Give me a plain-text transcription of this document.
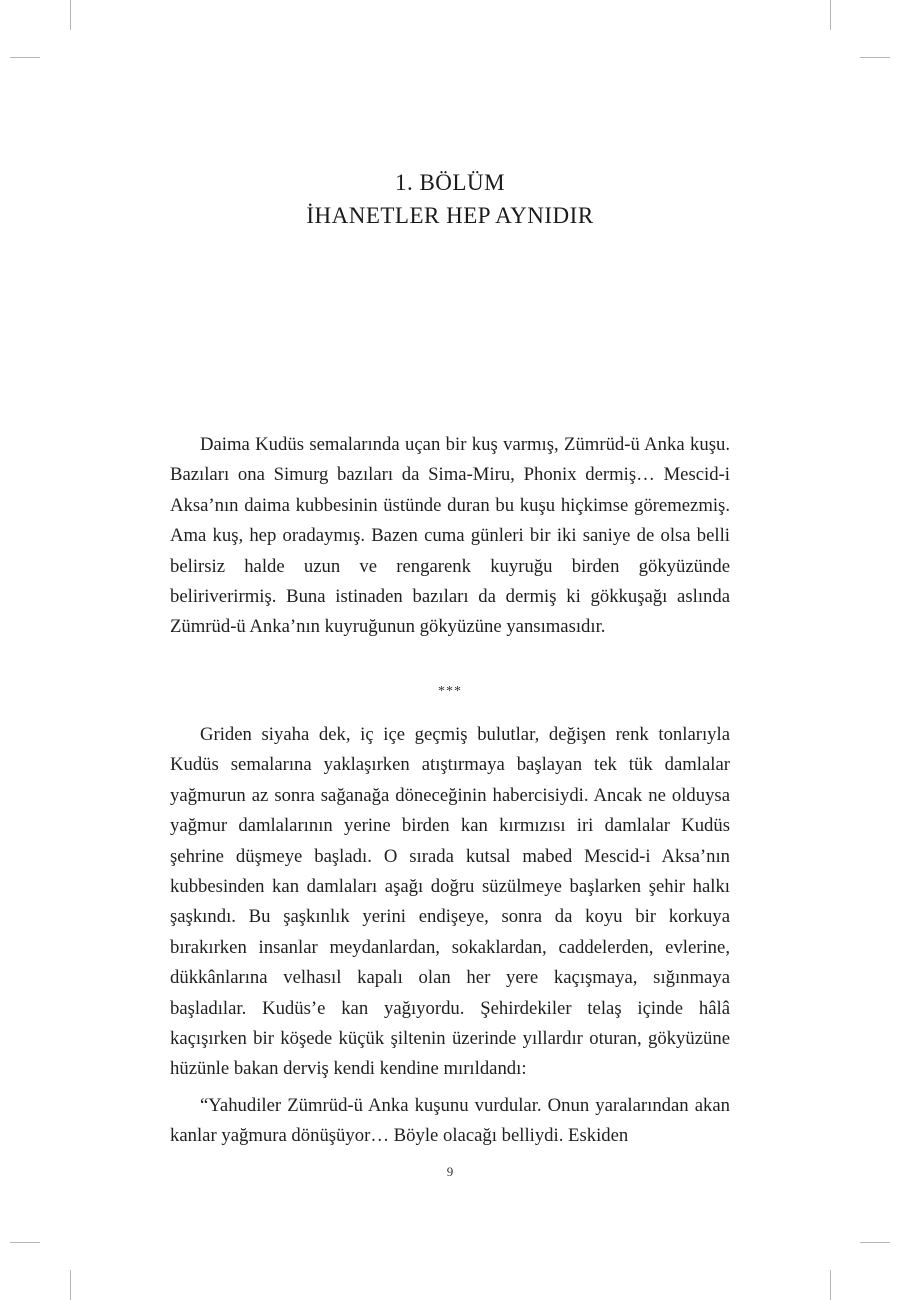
1. BÖLÜM
İHANETLER HEP AYNIDIR

Daima Kudüs semalarında uçan bir kuş varmış, Zümrüd-ü Anka kuşu. Bazıları ona Simurg bazıları da Sima-Miru, Phonix dermiş… Mescid-i Aksa’nın daima kubbesinin üstünde duran bu kuşu hiçkimse göremezmiş. Ama kuş, hep oradaymış. Bazen cuma günleri bir iki saniye de olsa belli belirsiz halde uzun ve rengarenk kuyruğu birden gökyüzünde beliriverirmiş. Buna istinaden bazıları da dermiş ki gökkuşağı aslında Zümrüd-ü Anka’nın kuyruğunun gökyüzüne yansımasıdır.

***

Griden siyaha dek, iç içe geçmiş bulutlar, değişen renk tonlarıyla Kudüs semalarına yaklaşırken atıştırmaya başlayan tek tük damlalar yağmurun az sonra sağanağa döneceğinin habercisiydi. Ancak ne olduysa yağmur damlalarının yerine birden kan kırmızısı iri damlalar Kudüs şehrine düşmeye başladı. O sırada kutsal mabed Mescid-i Aksa’nın kubbesinden kan damlaları aşağı doğru süzülmeye başlarken şehir halkı şaşkındı. Bu şaşkınlık yerini endişeye, sonra da koyu bir korkuya bırakırken insanlar meydanlardan, sokaklardan, caddelerden, evlerine, dükkânlarına velhasıl kapalı olan her yere kaçışmaya, sığınmaya başladılar. Kudüs’e kan yağıyordu. Şehirdekiler telaş içinde hâlâ kaçışırken bir köşede küçük şiltenin üzerinde yıllardır oturan, gökyüzüne hüzünle bakan derviş kendi kendine mırıldandı:

“Yahudiler Zümrüd-ü Anka kuşunu vurdular. Onun yaralarından akan kanlar yağmura dönüşüyor… Böyle olacağı belliydi. Eskiden

9
